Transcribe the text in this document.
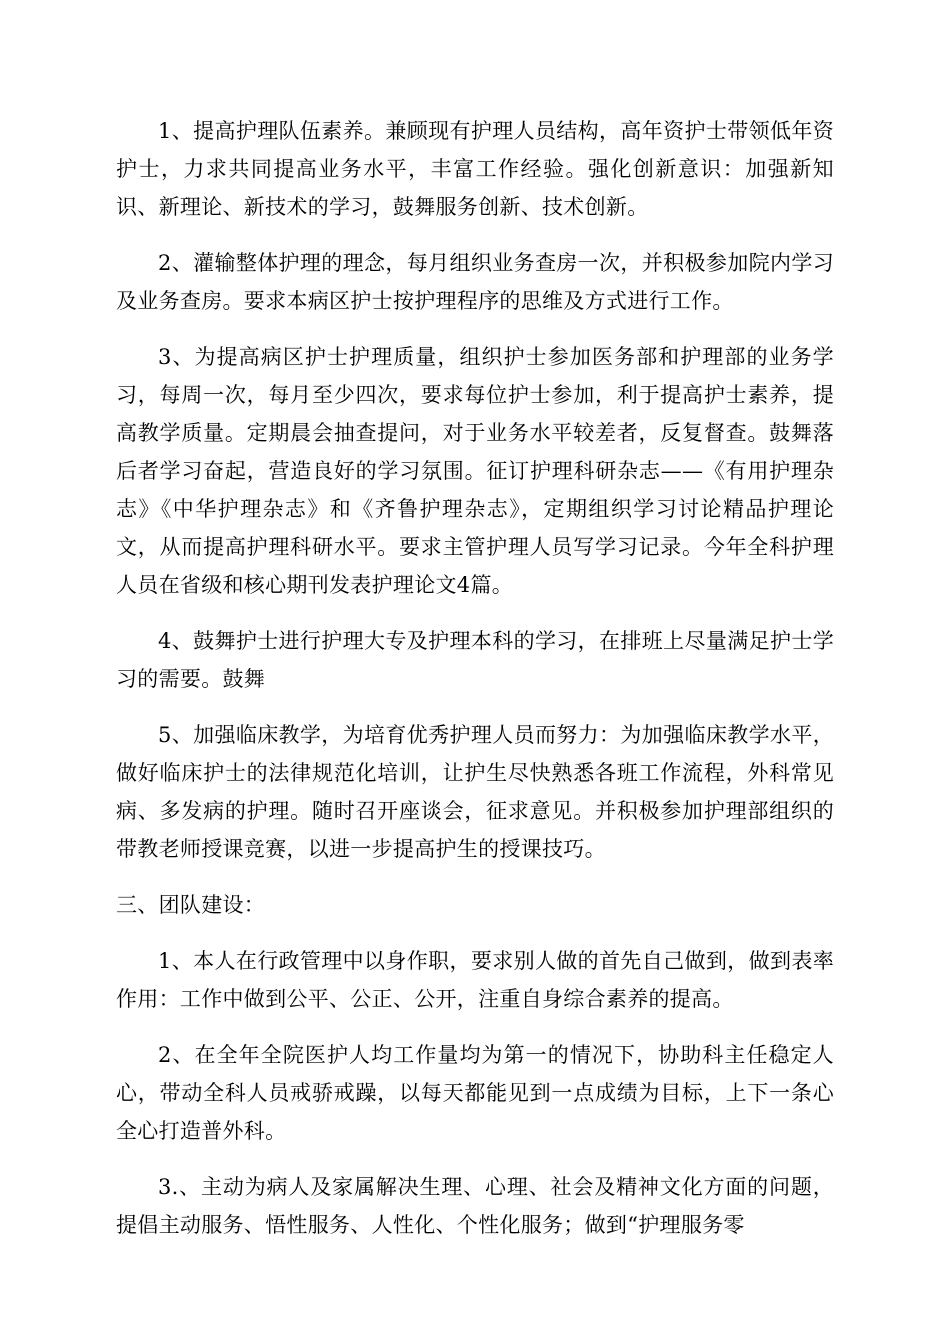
1、提高护理队伍素养。兼顾现有护理人员结构，高年资护士带领低年资护士，力求共同提高业务水平，丰富工作经验。强化创新意识：加强新知识、新理论、新技术的学习，鼓舞服务创新、技术创新。

2、灌输整体护理的理念，每月组织业务查房一次，并积极参加院内学习及业务查房。要求本病区护士按护理程序的思维及方式进行工作。

3、为提高病区护士护理质量，组织护士参加医务部和护理部的业务学习，每周一次，每月至少四次，要求每位护士参加，利于提高护士素养，提高教学质量。定期晨会抽查提问，对于业务水平较差者，反复督查。鼓舞落后者学习奋起，营造良好的学习氛围。征订护理科研杂志——《有用护理杂志》《中华护理杂志》和《齐鲁护理杂志》，定期组织学习讨论精品护理论文，从而提高护理科研水平。要求主管护理人员写学习记录。今年全科护理人员在省级和核心期刊发表护理论文4篇。

4、鼓舞护士进行护理大专及护理本科的学习，在排班上尽量满足护士学习的需要。鼓舞

5、加强临床教学，为培育优秀护理人员而努力：为加强临床教学水平，做好临床护士的法律规范化培训，让护生尽快熟悉各班工作流程，外科常见病、多发病的护理。随时召开座谈会，征求意见。并积极参加护理部组织的带教老师授课竞赛，以进一步提高护生的授课技巧。

三、团队建设：

1、本人在行政管理中以身作职，要求别人做的首先自己做到，做到表率作用：工作中做到公平、公正、公开，注重自身综合素养的提高。

2、在全年全院医护人均工作量均为第一的情况下，协助科主任稳定人心，带动全科人员戒骄戒躁，以每天都能见到一点成绩为目标，上下一条心全心打造普外科。

3.、主动为病人及家属解决生理、心理、社会及精神文化方面的问题，提倡主动服务、悟性服务、人性化、个性化服务；做到“护理服务零
